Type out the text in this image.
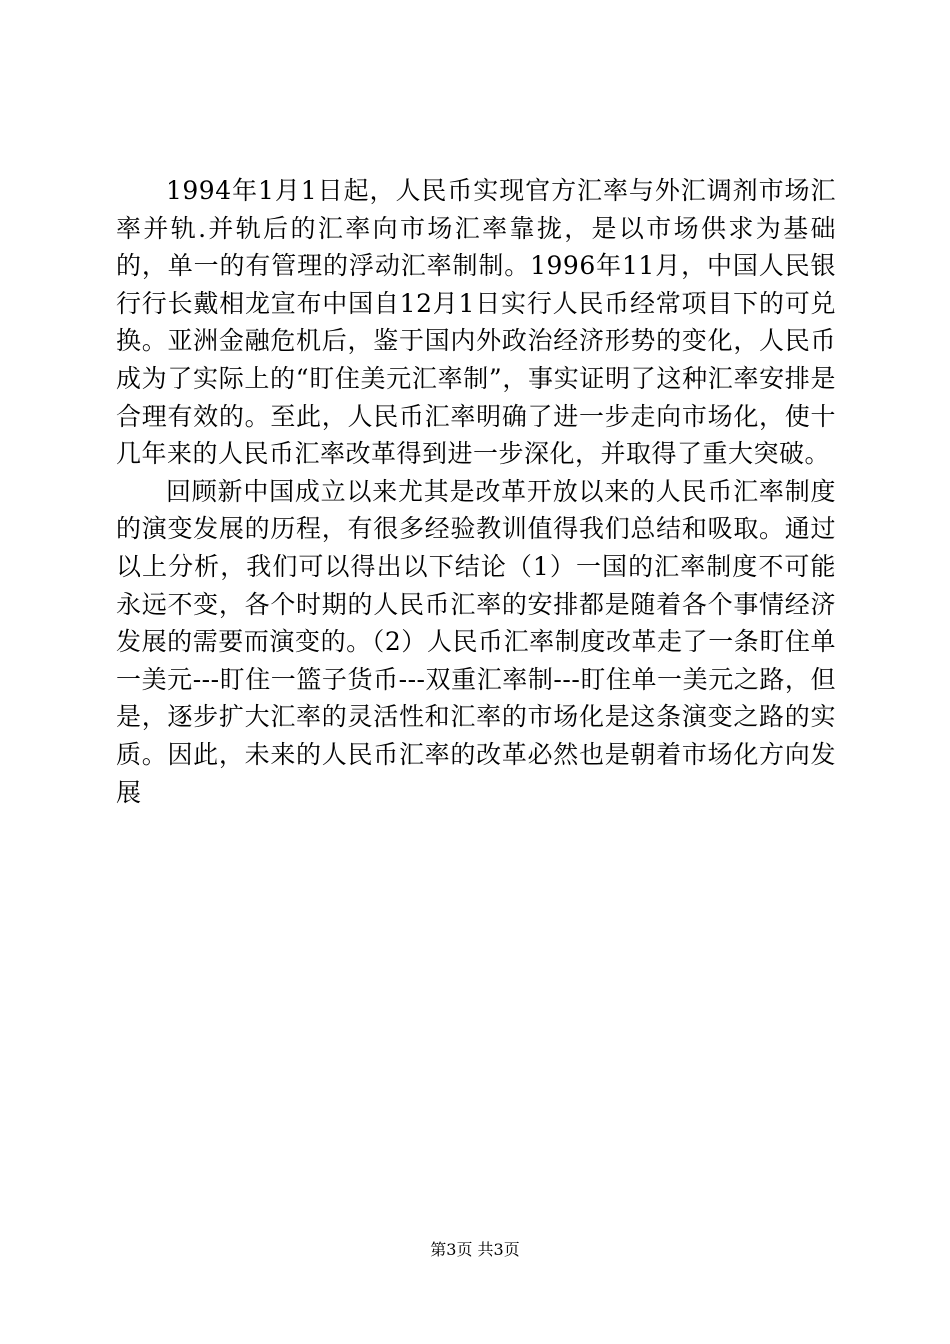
1994年1月1日起，人民币实现官方汇率与外汇调剂市场汇率并轨.并轨后的汇率向市场汇率靠拢，是以市场供求为基础的，单一的有管理的浮动汇率制制。1996年11月，中国人民银行行长戴相龙宣布中国自12月1日实行人民币经常项目下的可兑换。亚洲金融危机后，鉴于国内外政治经济形势的变化，人民币成为了实际上的“盯住美元汇率制”，事实证明了这种汇率安排是合理有效的。至此，人民币汇率明确了进一步走向市场化，使十几年来的人民币汇率改革得到进一步深化，并取得了重大突破。

回顾新中国成立以来尤其是改革开放以来的人民币汇率制度的演变发展的历程，有很多经验教训值得我们总结和吸取。通过以上分析，我们可以得出以下结论（1）一国的汇率制度不可能永远不变，各个时期的人民币汇率的安排都是随着各个事情经济发展的需要而演变的。（2）人民币汇率制度改革走了一条盯住单一美元---盯住一篮子货币---双重汇率制---盯住单一美元之路，但是，逐步扩大汇率的灵活性和汇率的市场化是这条演变之路的实质。因此，未来的人民币汇率的改革必然也是朝着市场化方向发展

第3页 共3页
